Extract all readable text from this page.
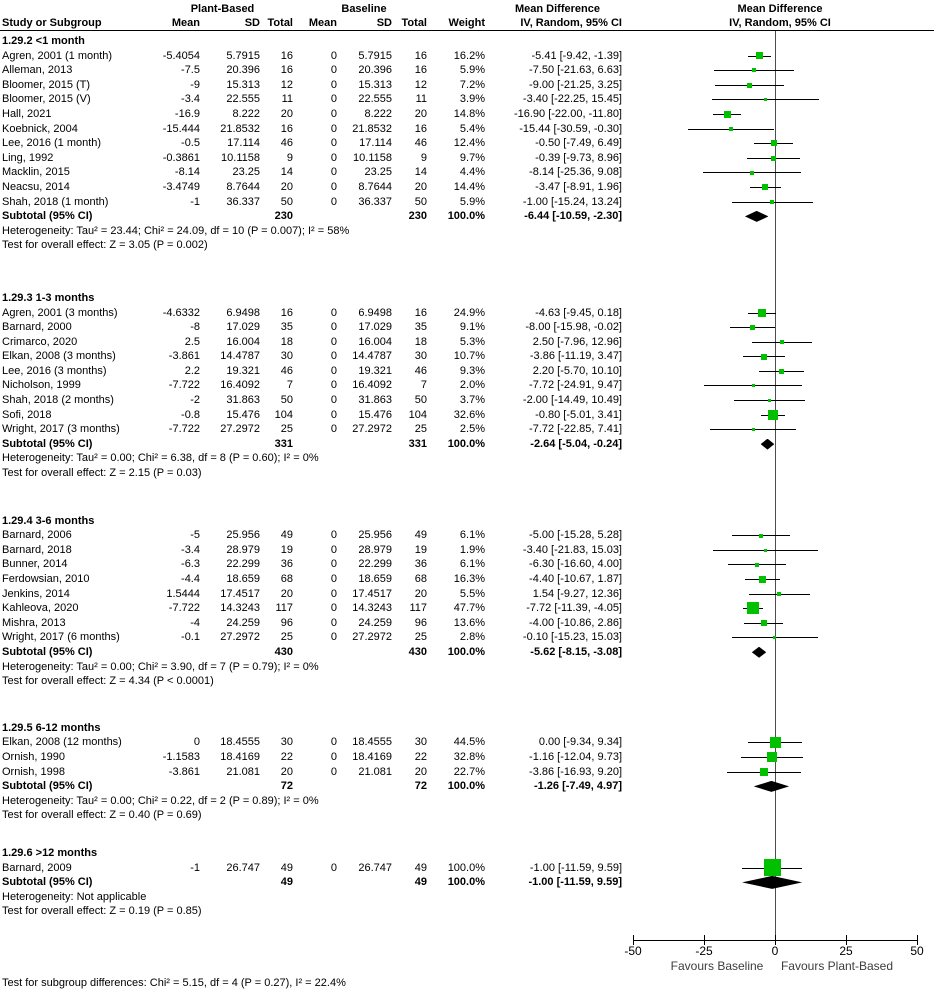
Plant-Based	Baseline	Mean Difference	Mean Difference
Study or Subgroup	Mean	SD Total	Mean	SD Total	Weight	IV, Random, 95% CI	IV, Random, 95% CI
1.29.2 <1 month
Agren, 2001 (1 month)	-5.4054	5.7915	16	0	5.7915	16	16.2%	-5.41 [-9.42, -1.39]
Alleman, 2013	-7.5	20.396	16	0	20.396	16	5.9%	-7.50 [-21.63, 6.63]
Bloomer, 2015 (T)	-9	15.313	12	0	15.313	12	7.2%	-9.00 [-21.25, 3.25]
Bloomer, 2015 (V)	-3.4	22.555	11	0	22.555	11	3.9%	-3.40 [-22.25, 15.45]
Hall, 2021	-16.9	8.222	20	0	8.222	20	14.8%	-16.90 [-22.00, -11.80]
Koebnick, 2004	-15.444	21.8532	16	0	21.8532	16	5.4%	-15.44 [-30.59, -0.30]
Lee, 2016 (1 month)	-0.5	17.114	46	0	17.114	46	12.4%	-0.50 [-7.49, 6.49]
Ling, 1992	-0.3861	10.1158	9	0	10.1158	9	9.7%	-0.39 [-9.73, 8.96]
Macklin, 2015	-8.14	23.25	14	0	23.25	14	4.4%	-8.14 [-25.36, 9.08]
Neacsu, 2014	-3.4749	8.7644	20	0	8.7644	20	14.4%	-3.47 [-8.91, 1.96]
Shah, 2018 (1 month)	-1	36.337	50	0	36.337	50	5.9%	-1.00 [-15.24, 13.24]
Subtotal (95% CI)	230	230	100.0%	-6.44 [-10.59, -2.30]
Heterogeneity: Tau² = 23.44; Chi² = 24.09, df = 10 (P = 0.007); I² = 58%
Test for overall effect: Z = 3.05 (P = 0.002)
1.29.3 1-3 months
Agren, 2001 (3 months)	-4.6332	6.9498	16	0	6.9498	16	24.9%	-4.63 [-9.45, 0.18]
Barnard, 2000	-8	17.029	35	0	17.029	35	9.1%	-8.00 [-15.98, -0.02]
Crimarco, 2020	2.5	16.004	18	0	16.004	18	5.3%	2.50 [-7.96, 12.96]
Elkan, 2008 (3 months)	-3.861	14.4787	30	0	14.4787	30	10.7%	-3.86 [-11.19, 3.47]
Lee, 2016 (3 months)	2.2	19.321	46	0	19.321	46	9.3%	2.20 [-5.70, 10.10]
Nicholson, 1999	-7.722	16.4092	7	0	16.4092	7	2.0%	-7.72 [-24.91, 9.47]
Shah, 2018 (2 months)	-2	31.863	50	0	31.863	50	3.7%	-2.00 [-14.49, 10.49]
Sofi, 2018	-0.8	15.476	104	0	15.476	104	32.6%	-0.80 [-5.01, 3.41]
Wright, 2017 (3 months)	-7.722	27.2972	25	0	27.2972	25	2.5%	-7.72 [-22.85, 7.41]
Subtotal (95% CI)	331	331	100.0%	-2.64 [-5.04, -0.24]
Heterogeneity: Tau² = 0.00; Chi² = 6.38, df = 8 (P = 0.60); I² = 0%
Test for overall effect: Z = 2.15 (P = 0.03)
1.29.4 3-6 months
Barnard, 2006	-5	25.956	49	0	25.956	49	6.1%	-5.00 [-15.28, 5.28]
Barnard, 2018	-3.4	28.979	19	0	28.979	19	1.9%	-3.40 [-21.83, 15.03]
Bunner, 2014	-6.3	22.299	36	0	22.299	36	6.1%	-6.30 [-16.60, 4.00]
Ferdowsian, 2010	-4.4	18.659	68	0	18.659	68	16.3%	-4.40 [-10.67, 1.87]
Jenkins, 2014	1.5444	17.4517	20	0	17.4517	20	5.5%	1.54 [-9.27, 12.36]
Kahleova, 2020	-7.722	14.3243	117	0	14.3243	117	47.7%	-7.72 [-11.39, -4.05]
Mishra, 2013	-4	24.259	96	0	24.259	96	13.6%	-4.00 [-10.86, 2.86]
Wright, 2017 (6 months)	-0.1	27.2972	25	0	27.2972	25	2.8%	-0.10 [-15.23, 15.03]
Subtotal (95% CI)	430	430	100.0%	-5.62 [-8.15, -3.08]
Heterogeneity: Tau² = 0.00; Chi² = 3.90, df = 7 (P = 0.79); I² = 0%
Test for overall effect: Z = 4.34 (P < 0.0001)
1.29.5 6-12 months
Elkan, 2008 (12 months)	0	18.4555	30	0	18.4555	30	44.5%	0.00 [-9.34, 9.34]
Ornish, 1990	-1.1583	18.4169	22	0	18.4169	22	32.8%	-1.16 [-12.04, 9.73]
Ornish, 1998	-3.861	21.081	20	0	21.081	20	22.7%	-3.86 [-16.93, 9.20]
Subtotal (95% CI)	72	72	100.0%	-1.26 [-7.49, 4.97]
Heterogeneity: Tau² = 0.00; Chi² = 0.22, df = 2 (P = 0.89); I² = 0%
Test for overall effect: Z = 0.40 (P = 0.69)
1.29.6 >12 months
Barnard, 2009	-1	26.747	49	0	26.747	49	100.0%	-1.00 [-11.59, 9.59]
Subtotal (95% CI)	49	49	100.0%	-1.00 [-11.59, 9.59]
Heterogeneity: Not applicable
Test for overall effect: Z = 0.19 (P = 0.85)
-50	-25	0	25	50
Favours Baseline Favours Plant-Based
Test for subgroup differences: Chi² = 5.15, df = 4 (P = 0.27), I² = 22.4%
